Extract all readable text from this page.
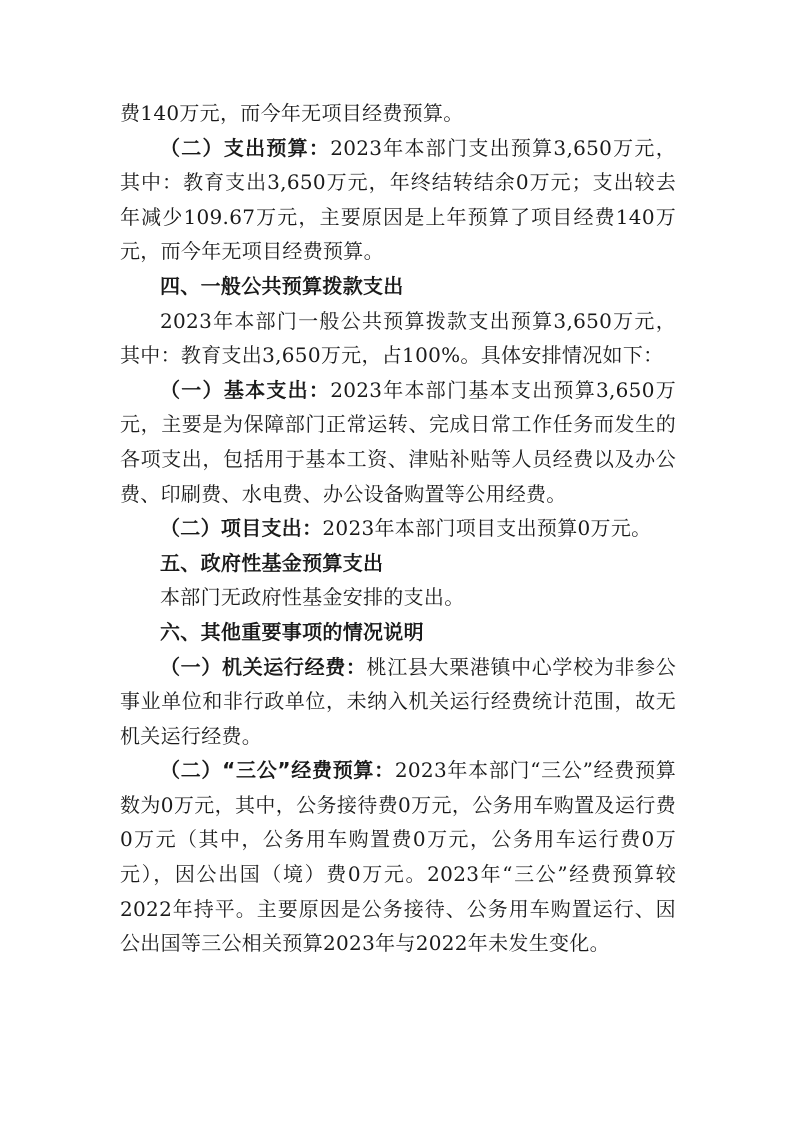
费140万元，而今年无项目经费预算。

（二）支出预算：2023年本部门支出预算3,650万元，其中：教育支出3,650万元，年终结转结余0万元；支出较去年减少109.67万元，主要原因是上年预算了项目经费140万元，而今年无项目经费预算。

四、一般公共预算拨款支出

2023年本部门一般公共预算拨款支出预算3,650万元，其中：教育支出3,650万元，占100%。具体安排情况如下：

（一）基本支出：2023年本部门基本支出预算3,650万元，主要是为保障部门正常运转、完成日常工作任务而发生的各项支出，包括用于基本工资、津贴补贴等人员经费以及办公费、印刷费、水电费、办公设备购置等公用经费。

（二）项目支出：2023年本部门项目支出预算0万元。

五、政府性基金预算支出

本部门无政府性基金安排的支出。

六、其他重要事项的情况说明

（一）机关运行经费：桃江县大栗港镇中心学校为非参公事业单位和非行政单位，未纳入机关运行经费统计范围，故无机关运行经费。

（二）“三公”经费预算：2023年本部门“三公”经费预算数为0万元，其中，公务接待费0万元，公务用车购置及运行费0万元（其中，公务用车购置费0万元，公务用车运行费0万元），因公出国（境）费0万元。2023年“三公”经费预算较2022年持平。主要原因是公务接待、公务用车购置运行、因公出国等三公相关预算2023年与2022年未发生变化。
